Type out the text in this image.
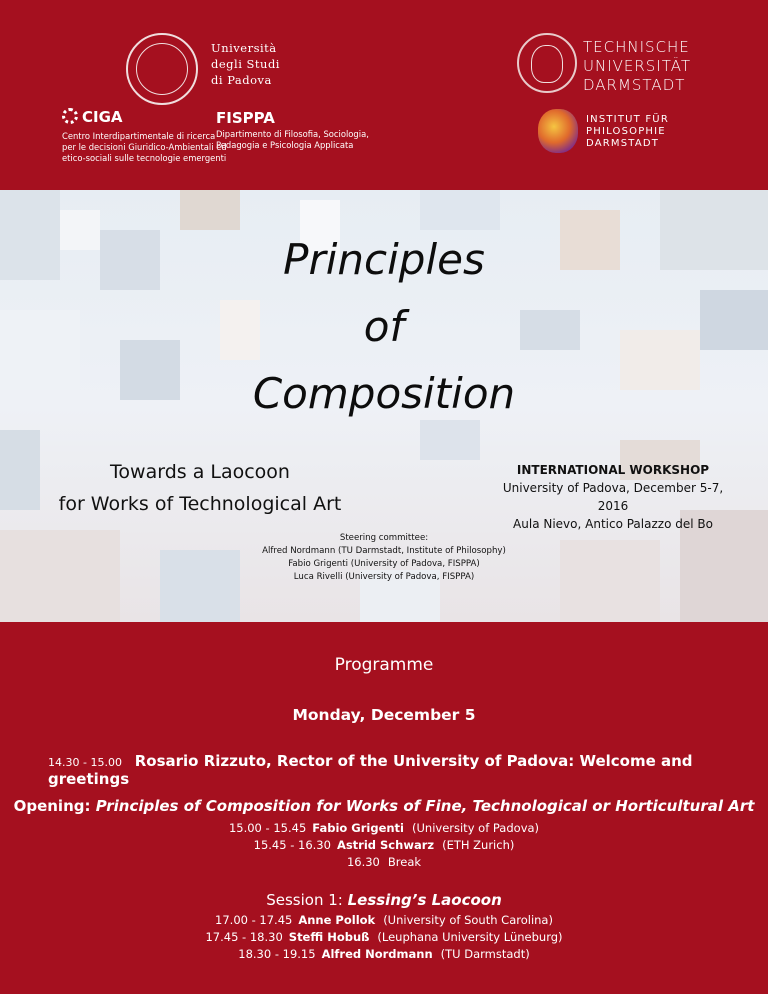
Università
degli Studi
di Padova
TECHNISCHE
UNIVERSITÄT
DARMSTADT
CIGA
Centro Interdipartimentale di ricerca
per le decisioni Giuridico-Ambientali ed
etico-sociali sulle tecnologie emergenti
FISPPA
Dipartimento di Filosofia, Sociologia,
Pedagogia e Psicologia Applicata
INSTITUT FÜR
PHILOSOPHIE
DARMSTADT
Principles
of
Composition
Towards a Laocoon
for Works of Technological Art
INTERNATIONAL WORKSHOP
University of Padova, December 5-7, 2016
Aula Nievo, Antico Palazzo del Bo
Steering committee:
Alfred Nordmann (TU Darmstadt, Institute of Philosophy)
Fabio Grigenti (University of Padova, FISPPA)
Luca Rivelli (University of Padova, FISPPA)
Programme
Monday, December 5
14.30 - 15.00 Rosario Rizzuto, Rector of the University of Padova: Welcome and greetings
Opening: Principles of Composition for Works of Fine, Technological or Horticultural Art
15.00 - 15.45 Fabio Grigenti (University of Padova)
15.45 - 16.30 Astrid Schwarz (ETH Zurich)
16.30 Break
Session 1: Lessing’s Laocoon
17.00 - 17.45 Anne Pollok (University of South Carolina)
17.45 - 18.30 Steffi Hobuß (Leuphana University Lüneburg)
18.30 - 19.15 Alfred Nordmann (TU Darmstadt)
